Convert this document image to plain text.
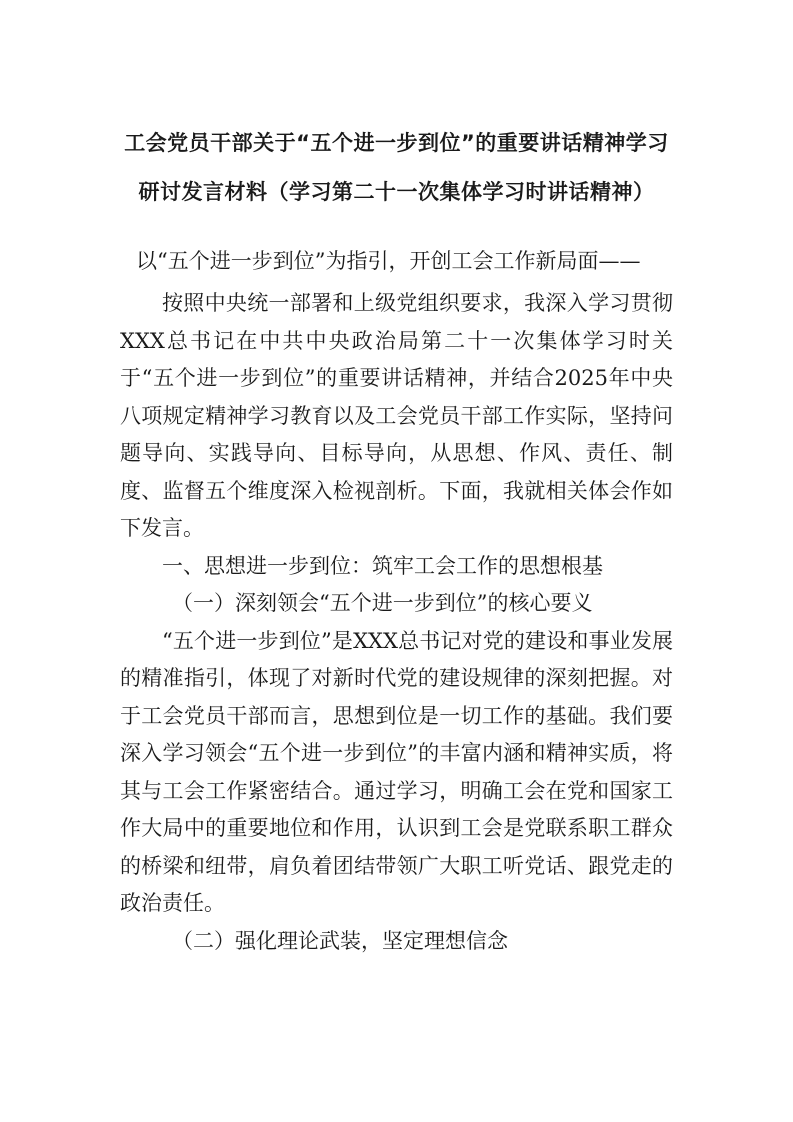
工会党员干部关于“五个进一步到位”的重要讲话精神学习
研讨发言材料（学习第二十一次集体学习时讲话精神）
以“五个进一步到位”为指引，开创工会工作新局面——

按照中央统一部署和上级党组织要求，我深入学习贯彻XXX总书记在中共中央政治局第二十一次集体学习时关于“五个进一步到位”的重要讲话精神，并结合2025年中央八项规定精神学习教育以及工会党员干部工作实际，坚持问题导向、实践导向、目标导向，从思想、作风、责任、制度、监督五个维度深入检视剖析。下面，我就相关体会作如下发言。

一、思想进一步到位：筑牢工会工作的思想根基

（一）深刻领会“五个进一步到位”的核心要义

“五个进一步到位”是XXX总书记对党的建设和事业发展的精准指引，体现了对新时代党的建设规律的深刻把握。对于工会党员干部而言，思想到位是一切工作的基础。我们要深入学习领会“五个进一步到位”的丰富内涵和精神实质，将其与工会工作紧密结合。通过学习，明确工会在党和国家工作大局中的重要地位和作用，认识到工会是党联系职工群众的桥梁和纽带，肩负着团结带领广大职工听党话、跟党走的政治责任。

（二）强化理论武装，坚定理想信念
